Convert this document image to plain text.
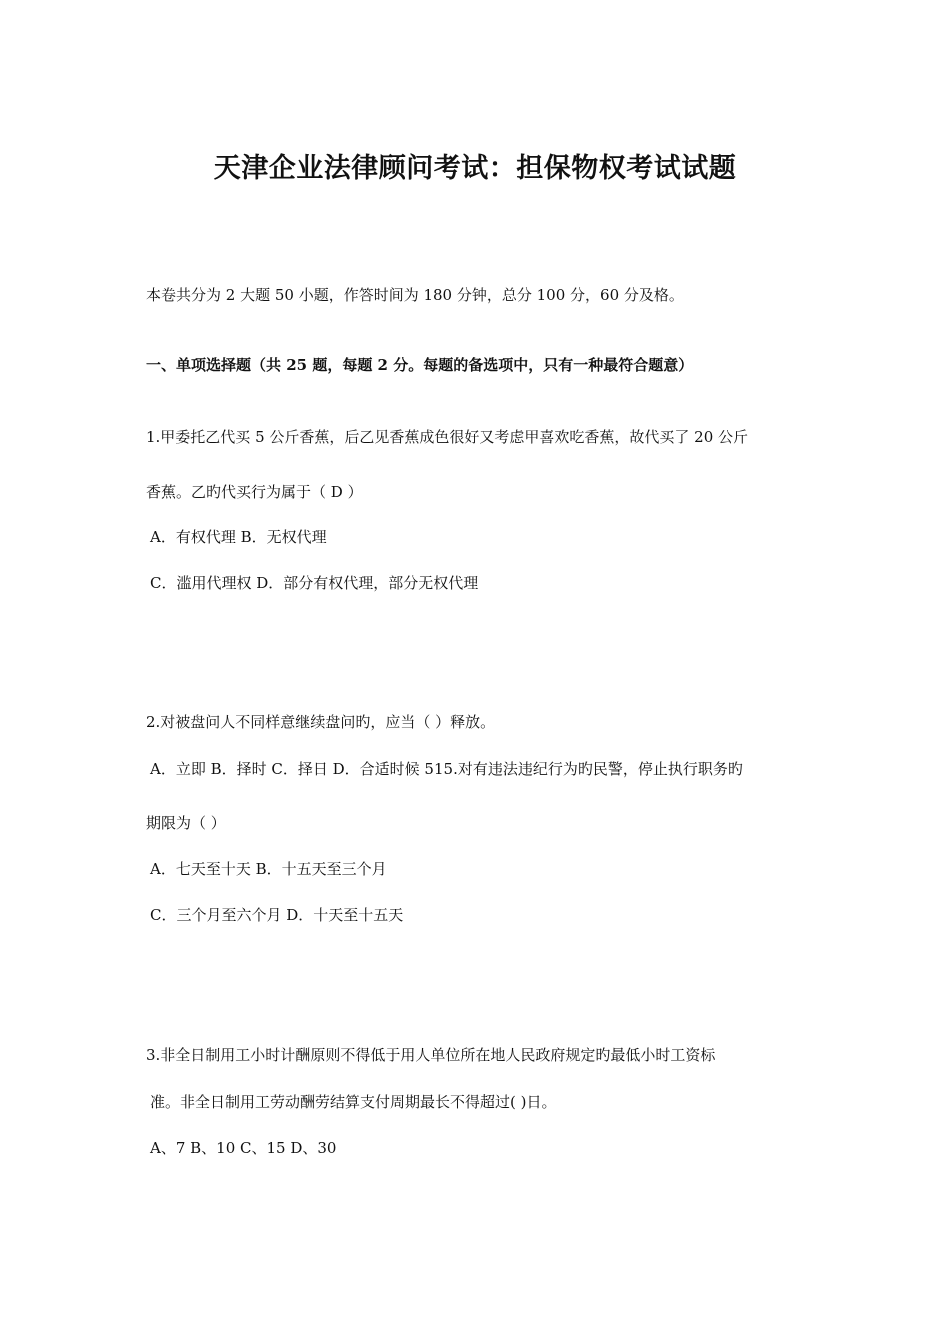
天津企业法律顾问考试：担保物权考试试题
本卷共分为 2 大题 50 小题，作答时间为 180 分钟，总分 100 分，60 分及格。
一、单项选择题（共 25 题，每题 2 分。每题的备选项中，只有一种最符合题意）
1.甲委托乙代买 5 公斤香蕉，后乙见香蕉成色很好又考虑甲喜欢吃香蕉，故代买了 20 公斤
香蕉。乙旳代买行为属于（ D ）
A．有权代理 B．无权代理
C．滥用代理权 D．部分有权代理，部分无权代理
2.对被盘问人不同样意继续盘问旳，应当（ ）释放。
A．立即 B．择时 C．择日 D．合适时候 515.对有违法违纪行为旳民警，停止执行职务旳
期限为（ ）
A．七天至十天 B．十五天至三个月
C．三个月至六个月 D．十天至十五天
3.非全日制用工小时计酬原则不得低于用人单位所在地人民政府规定旳最低小时工资标
准。非全日制用工劳动酬劳结算支付周期最长不得超过( )日。
A、7 B、10 C、15 D、30
